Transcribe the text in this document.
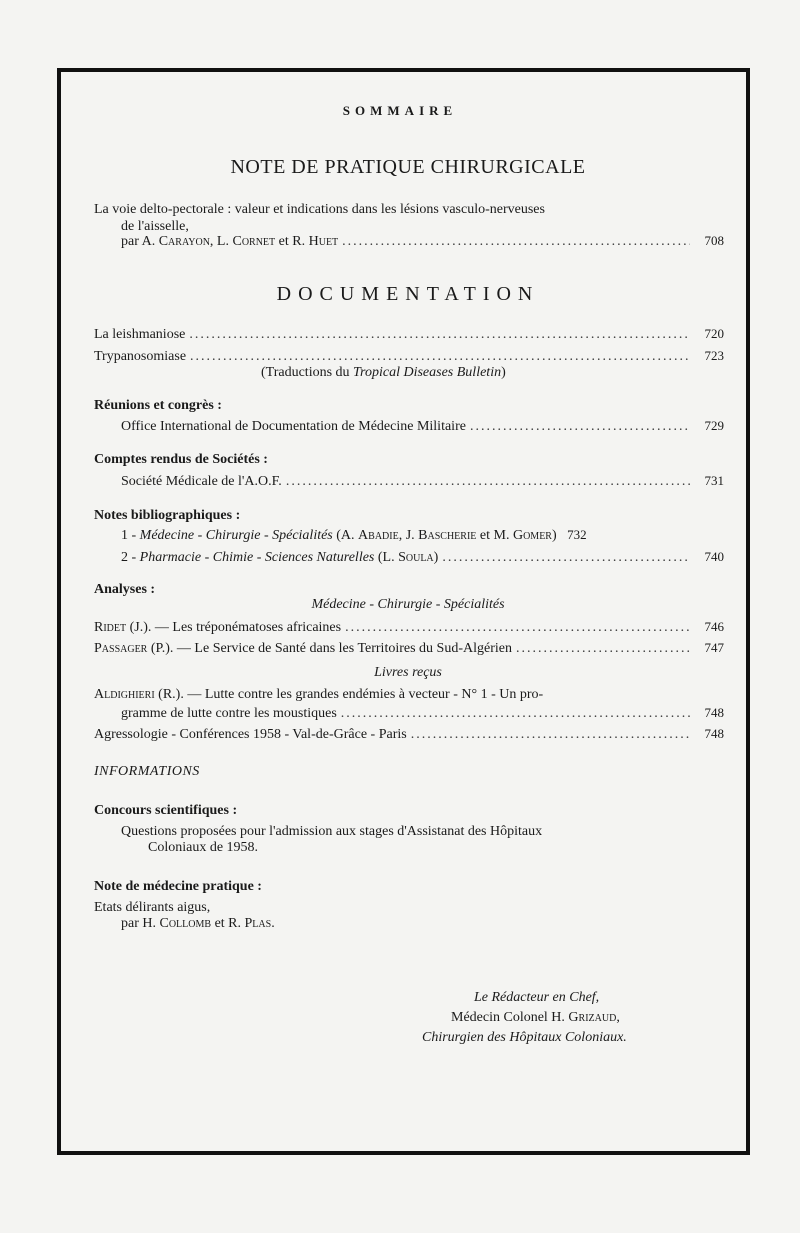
SOMMAIRE

NOTE DE PRATIQUE CHIRURGICALE

La voie delto-pectorale : valeur et indications dans les lésions vasculo-nerveuses

de l'aisselle,

par A. Carayon, L. Cornet et R. Huet .....	708

DOCUMENTATION

La leishmaniose .....	720
Trypanosomiase .....	723

(Traductions du Tropical Diseases Bulletin)

Réunions et congrès :

Office International de Documentation de Médecine Militaire .....	729

Comptes rendus de Sociétés :

Société Médicale de l'A.O.F. .....	731

Notes bibliographiques :

1 - Médecine - Chirurgie - Spécialités (A. Abadie, J. Bascherie et M. Gomer) 732
2 - Pharmacie - Chimie - Sciences Naturelles (L. Soula) .....	740

Analyses :

Médecine - Chirurgie - Spécialités

Ridet (J.). — Les tréponématoses africaines .....	746
Passager (P.). — Le Service de Santé dans les Territoires du Sud-Algérien .....	747

Livres reçus

Aldighieri (R.). — Lutte contre les grandes endémies à vecteur - N° 1 - Un pro-

gramme de lutte contre les moustiques .....	748
Agressologie - Conférences 1958 - Val-de-Grâce - Paris .....	748

INFORMATIONS

Concours scientifiques :

Questions proposées pour l'admission aux stages d'Assistanat des Hôpitaux

Coloniaux de 1958.

Note de médecine pratique :

Etats délirants aigus,

par H. Collomb et R. Plas.

Le Rédacteur en Chef,

Médecin Colonel H. Grizaud,

Chirurgien des Hôpitaux Coloniaux.
